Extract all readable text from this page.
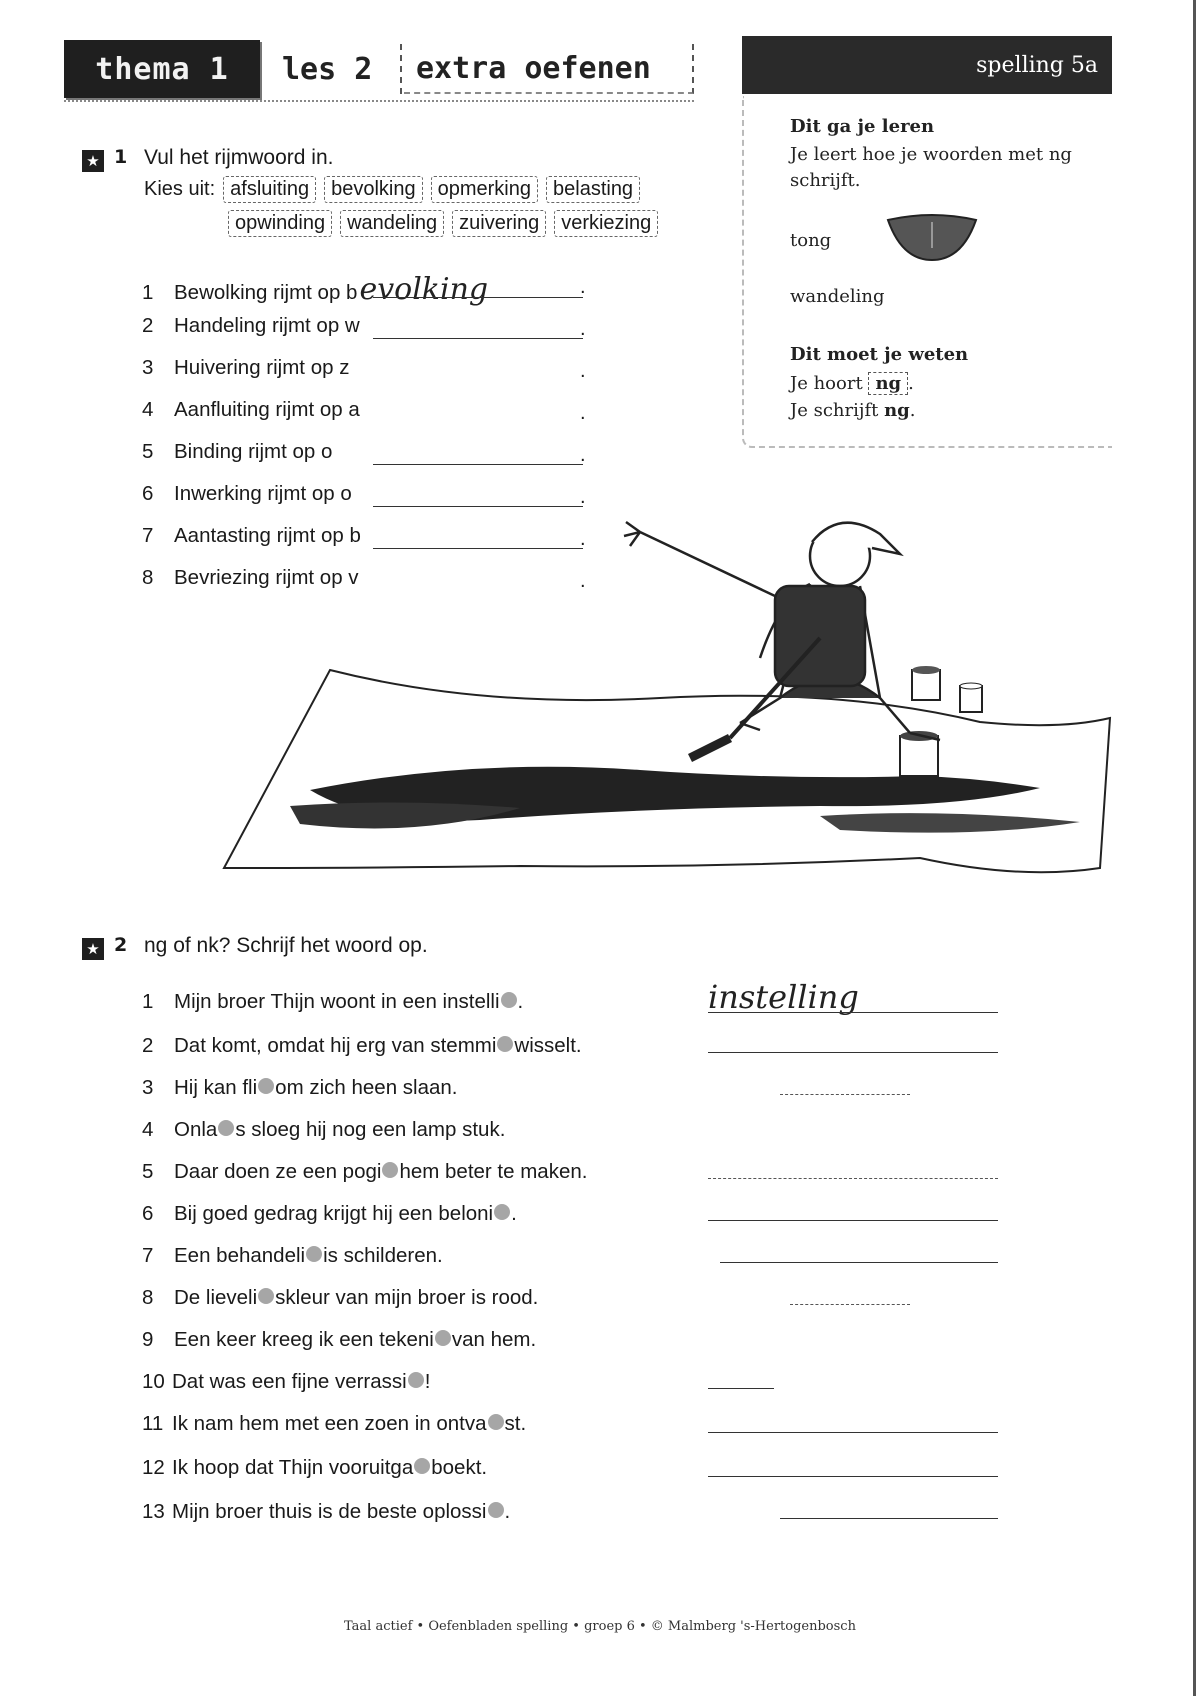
thema 1	les 2	extra oefenen	spelling 5a
Dit ga je leren
Je leert hoe je woorden met ng
schrijft.
tong
wandeling
Dit moet je weten
Je hoort ng .
Je schrijft ng.
★ 1 Vul het rijmwoord in.
Kies uit: afsluiting	bevolking	opmerking	belasting
opwinding	wandeling	zuivering	verkiezing
1	Bewolking rijmt op b evolking	.
2	Handeling rijmt op w	.
3	Huivering rijmt op z	.
4	Aanfluiting rijmt op a	.
5	Binding rijmt op o	.
6	Inwerking rijmt op o	.
7	Aantasting rijmt op b	.
8	Bevriezing rijmt op v	.
★ 2 ng of nk? Schrijf het woord op.
1	Mijn broer Thijn woont in een instelli .	instelling
2	Dat komt, omdat hij erg van stemmi wisselt.
3	Hij kan fli om zich heen slaan.
4	Onla s sloeg hij nog een lamp stuk.
5	Daar doen ze een pogi hem beter te maken.
6	Bij goed gedrag krijgt hij een beloni .
7	Een behandeli is schilderen.
8	De lieveli skleur van mijn broer is rood.
9	Een keer kreeg ik een tekeni van hem.
10 Dat was een fijne verrassi !
11 Ik nam hem met een zoen in ontva st.
12 Ik hoop dat Thijn vooruitga boekt.
13 Mijn broer thuis is de beste oplossi .
Taal actief • Oefenbladen spelling • groep 6 • © Malmberg 's-Hertogenbosch
